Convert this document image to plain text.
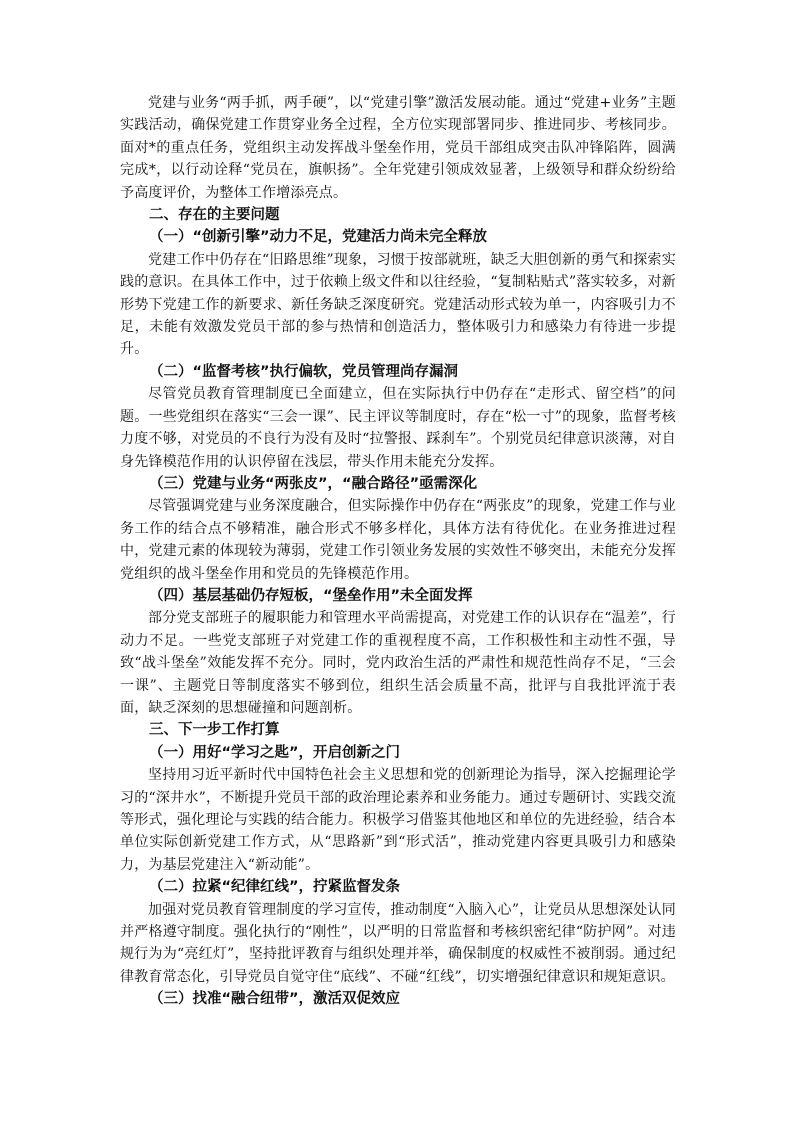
党建与业务“两手抓，两手硬”，以“党建引擎”激活发展动能。通过“党建+业务”主题实践活动，确保党建工作贯穿业务全过程，全方位实现部署同步、推进同步、考核同步。面对*的重点任务，党组织主动发挥战斗堡垒作用，党员干部组成突击队冲锋陷阵，圆满完成*，以行动诠释“党员在，旗帜扬”。全年党建引领成效显著，上级领导和群众纷纷给予高度评价，为整体工作增添亮点。

二、存在的主要问题

（一）“创新引擎”动力不足，党建活力尚未完全释放

党建工作中仍存在“旧路思维”现象，习惯于按部就班，缺乏大胆创新的勇气和探索实践的意识。在具体工作中，过于依赖上级文件和以往经验，“复制粘贴式”落实较多，对新形势下党建工作的新要求、新任务缺乏深度研究。党建活动形式较为单一，内容吸引力不足，未能有效激发党员干部的参与热情和创造活力，整体吸引力和感染力有待进一步提升。

（二）“监督考核”执行偏软，党员管理尚存漏洞

尽管党员教育管理制度已全面建立，但在实际执行中仍存在“走形式、留空档”的问题。一些党组织在落实“三会一课”、民主评议等制度时，存在“松一寸”的现象，监督考核力度不够，对党员的不良行为没有及时“拉警报、踩刹车”。个别党员纪律意识淡薄，对自身先锋模范作用的认识停留在浅层，带头作用未能充分发挥。

（三）党建与业务“两张皮”，“融合路径”亟需深化

尽管强调党建与业务深度融合，但实际操作中仍存在“两张皮”的现象，党建工作与业务工作的结合点不够精准，融合形式不够多样化，具体方法有待优化。在业务推进过程中，党建元素的体现较为薄弱，党建工作引领业务发展的实效性不够突出，未能充分发挥党组织的战斗堡垒作用和党员的先锋模范作用。

（四）基层基础仍存短板，“堡垒作用”未全面发挥

部分党支部班子的履职能力和管理水平尚需提高，对党建工作的认识存在“温差”，行动力不足。一些党支部班子对党建工作的重视程度不高，工作积极性和主动性不强，导致“战斗堡垒”效能发挥不充分。同时，党内政治生活的严肃性和规范性尚存不足，“三会一课”、主题党日等制度落实不够到位，组织生活会质量不高，批评与自我批评流于表面，缺乏深刻的思想碰撞和问题剖析。

三、下一步工作打算

（一）用好“学习之匙”，开启创新之门

坚持用习近平新时代中国特色社会主义思想和党的创新理论为指导，深入挖掘理论学习的“深井水”，不断提升党员干部的政治理论素养和业务能力。通过专题研讨、实践交流等形式，强化理论与实践的结合能力。积极学习借鉴其他地区和单位的先进经验，结合本单位实际创新党建工作方式，从“思路新”到“形式活”，推动党建内容更具吸引力和感染力，为基层党建注入“新动能”。

（二）拉紧“纪律红线”，拧紧监督发条

加强对党员教育管理制度的学习宣传，推动制度“入脑入心”，让党员从思想深处认同并严格遵守制度。强化执行的“刚性”，以严明的日常监督和考核织密纪律“防护网”。对违规行为为“亮红灯”，坚持批评教育与组织处理并举，确保制度的权威性不被削弱。通过纪律教育常态化，引导党员自觉守住“底线”、不碰“红线”，切实增强纪律意识和规矩意识。

（三）找准“融合纽带”，激活双促效应
